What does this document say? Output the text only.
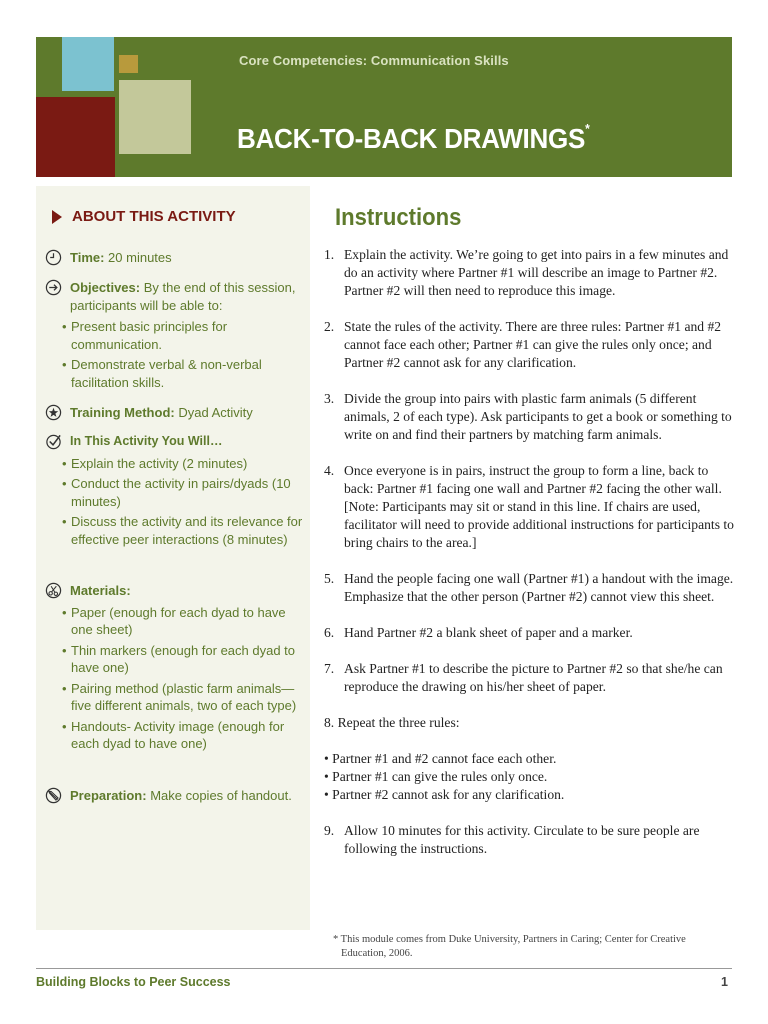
Core Competencies: Communication Skills
BACK-TO-BACK DRAWINGS*
ABOUT THIS ACTIVITY
Time: 20 minutes
Objectives: By the end of this session, participants will be able to:
• Present basic principles for communication.
• Demonstrate verbal & non-verbal facilitation skills.
Training Method: Dyad Activity
In This Activity You Will…
• Explain the activity (2 minutes)
• Conduct the activity in pairs/dyads (10 minutes)
• Discuss the activity and its relevance for effective peer interactions (8 minutes)
Materials:
• Paper (enough for each dyad to have one sheet)
• Thin markers (enough for each dyad to have one)
• Pairing method (plastic farm animals—five different animals, two of each type)
• Handouts- Activity image (enough for each dyad to have one)
Preparation: Make copies of handout.
Instructions
1. Explain the activity. We’re going to get into pairs in a few minutes and do an activity where Partner #1 will describe an image to Partner #2. Partner #2 will then need to reproduce this image.
2. State the rules of the activity. There are three rules: Partner #1 and #2 cannot face each other; Partner #1 can give the rules only once; and Partner #2 cannot ask for any clarification.
3. Divide the group into pairs with plastic farm animals (5 different animals, 2 of each type). Ask participants to get a book or something to write on and find their partners by matching farm animals.
4. Once everyone is in pairs, instruct the group to form a line, back to back: Partner #1 facing one wall and Partner #2 facing the other wall. [Note: Participants may sit or stand in this line. If chairs are used, facilitator will need to provide additional instructions for participants to bring chairs to the area.]
5. Hand the people facing one wall (Partner #1) a handout with the image. Emphasize that the other person (Partner #2) cannot view this sheet.
6. Hand Partner #2 a blank sheet of paper and a marker.
7. Ask Partner #1 to describe the picture to Partner #2 so that she/he can reproduce the drawing on his/her sheet of paper.
8. Repeat the three rules:
• Partner #1 and #2 cannot face each other.
• Partner #1 can give the rules only once.
• Partner #2 cannot ask for any clarification.
9. Allow 10 minutes for this activity. Circulate to be sure people are following the instructions.
* This module comes from Duke University, Partners in Caring; Center for Creative
Education, 2006.
Building Blocks to Peer Success	1
